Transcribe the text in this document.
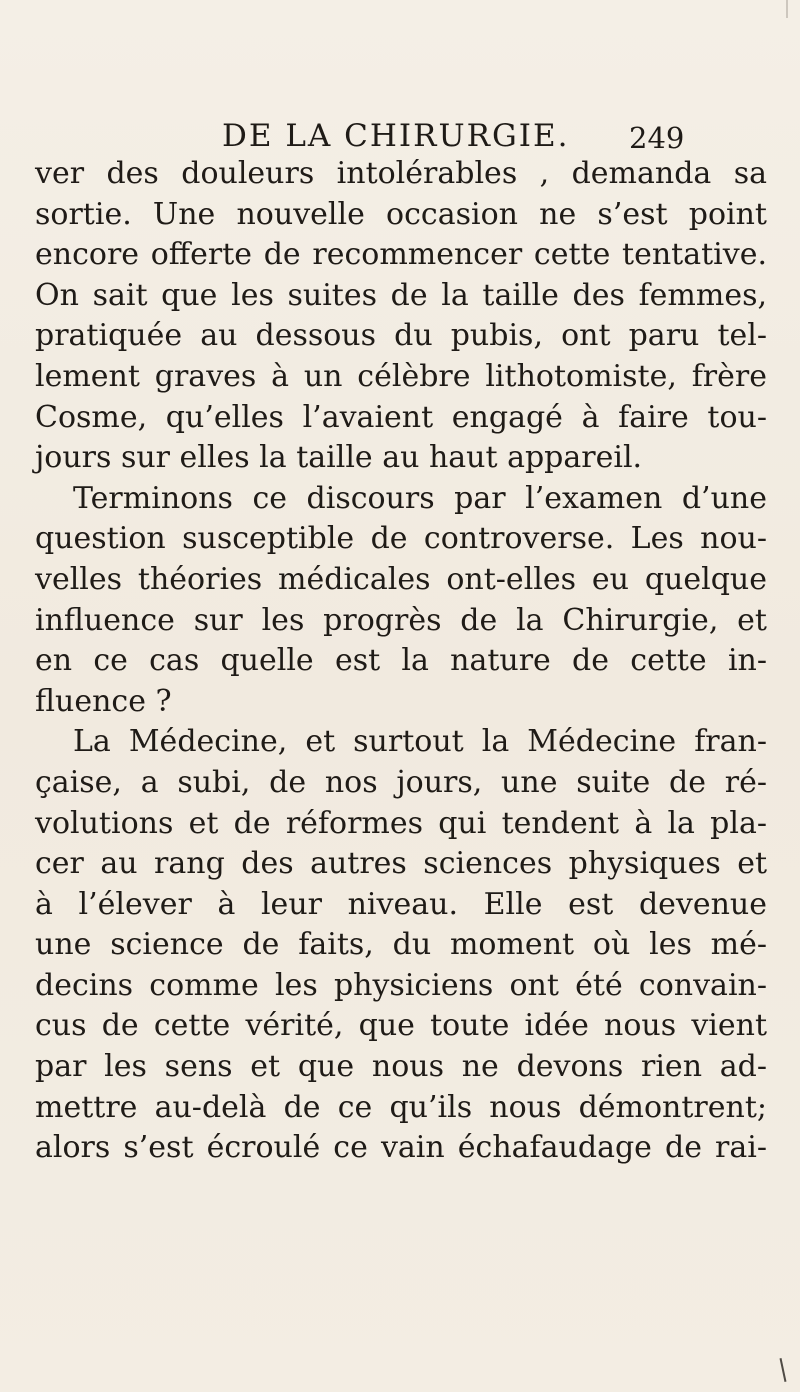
DE LA CHIRURGIE. 249
ver des douleurs intolérables , demanda sa
sortie. Une nouvelle occasion ne s’est point
encore offerte de recommencer cette tentative.
On sait que les suites de la taille des femmes,
pratiquée au dessous du pubis, ont paru tel-
lement graves à un célèbre lithotomiste, frère
Cosme, qu’elles l’avaient engagé à faire tou-
jours sur elles la taille au haut appareil.
Terminons ce discours par l’examen d’une
question susceptible de controverse. Les nou-
velles théories médicales ont-elles eu quelque
influence sur les progrès de la Chirurgie, et
en ce cas quelle est la nature de cette in-
fluence ?
La Médecine, et surtout la Médecine fran-
çaise, a subi, de nos jours, une suite de ré-
volutions et de réformes qui tendent à la pla-
cer au rang des autres sciences physiques et
à l’élever à leur niveau. Elle est devenue
une science de faits, du moment où les mé-
decins comme les physiciens ont été convain-
cus de cette vérité, que toute idée nous vient
par les sens et que nous ne devons rien ad-
mettre au-delà de ce qu’ils nous démontrent;
alors s’est écroulé ce vain échafaudage de rai-
